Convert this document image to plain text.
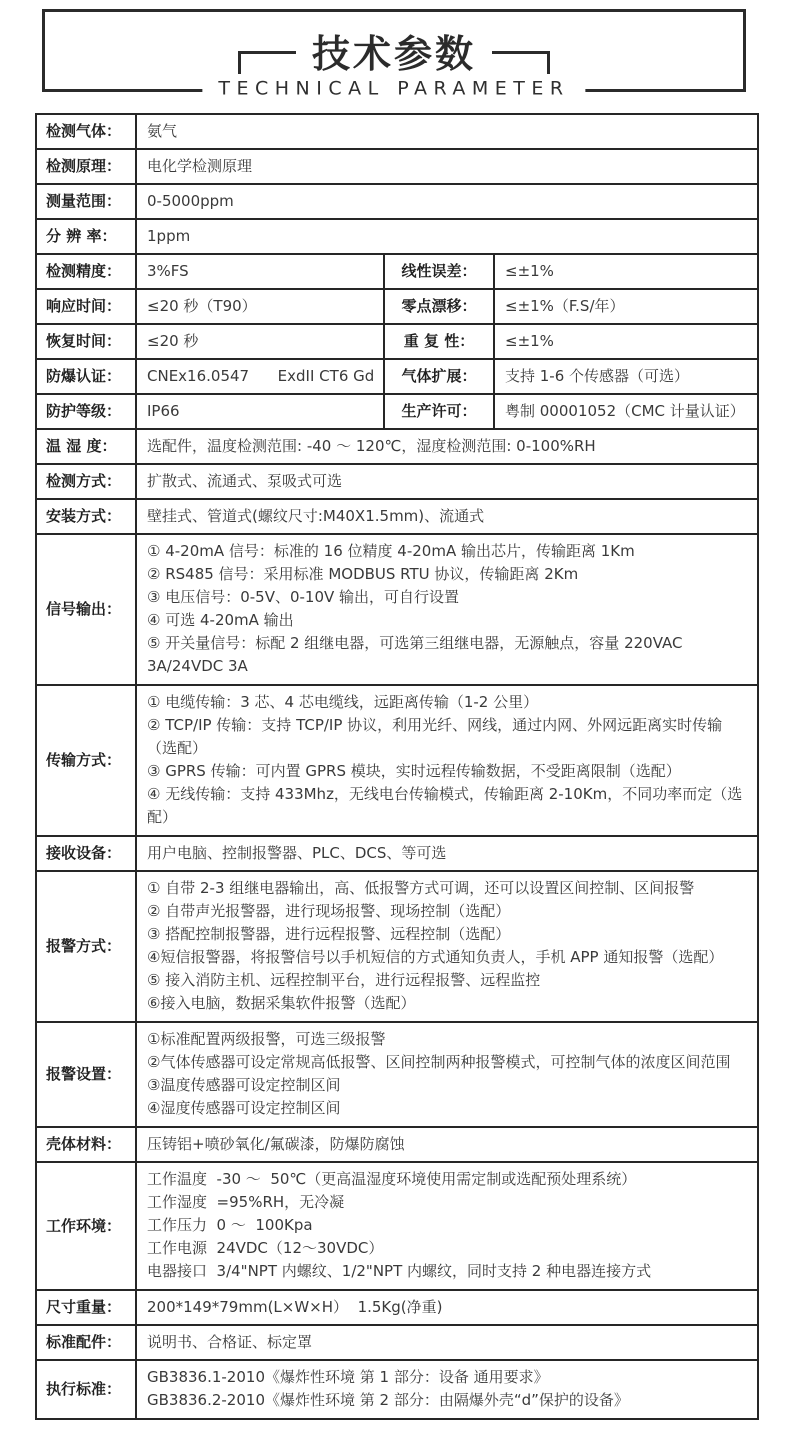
技术参数
TECHNICAL PARAMETER
检测气体：	氨气		
检测原理：	电化学检测原理		
测量范围：	0-5000ppm		
分 辨 率：	1ppm		
检测精度：	3%FS	线性误差：	≤±1%
响应时间：	≤20 秒（T90）	零点漂移：	≤±1%（F.S/年）
恢复时间：	≤20 秒	重 复 性：	≤±1%
防爆认证：	CNEx16.0547      ExdII CT6 Gd	气体扩展：	支持 1-6 个传感器（可选）
防护等级：	IP66	生产许可：	粤制 00001052（CMC 计量认证）
温 湿 度：	选配件，温度检测范围: -40 ～ 120℃，湿度检测范围: 0-100%RH		
检测方式：	扩散式、流通式、泵吸式可选		
安装方式：	壁挂式、管道式(螺纹尺寸:M40X1.5mm)、流通式		
信号输出：	① 4-20mA 信号：标准的 16 位精度 4-20mA 输出芯片，传输距离 1Km
② RS485 信号：采用标准 MODBUS RTU 协议，传输距离 2Km
③ 电压信号：0-5V、0-10V 输出，可自行设置
④ 可选 4-20mA 输出
⑤ 开关量信号：标配 2 组继电器，可选第三组继电器，无源触点，容量 220VAC 3A/24VDC 3A		

传输方式：	① 电缆传输：3 芯、4 芯电缆线，远距离传输（1-2 公里）
② TCP/IP 传输：支持 TCP/IP 协议，利用光纤、网线，通过内网、外网远距离实时传输（选配）
③ GPRS 传输：可内置 GPRS 模块，实时远程传输数据，不受距离限制（选配）
④ 无线传输：支持 433Mhz，无线电台传输模式，传输距离 2-10Km，不同功率而定（选配）		

接收设备：	用户电脑、控制报警器、PLC、DCS、等可选		
报警方式：	
① 自带 2-3 组继电器输出，高、低报警方式可调，还可以设置区间控制、区间报警
② 自带声光报警器，进行现场报警、现场控制（选配）
③ 搭配控制报警器，进行远程报警、远程控制（选配）
④短信报警器，将报警信号以手机短信的方式通知负责人，手机 APP 通知报警（选配）
⑤ 接入消防主机、远程控制平台，进行远程报警、远程监控
⑥接入电脑，数据采集软件报警（选配）

报警设置：	①标准配置两级报警，可选三级报警
②气体传感器可设定常规高低报警、区间控制两种报警模式，可控制气体的浓度区间范围
③温度传感器可设定控制区间
④湿度传感器可设定控制区间		

壳体材料：	压铸铝+喷砂氧化/氟碳漆，防爆防腐蚀		
工作环境：	工作温度  -30 ～  50℃（更高温湿度环境使用需定制或选配预处理系统）
工作湿度  =95%RH，无冷凝
工作压力  0 ～  100Kpa
工作电源  24VDC（12～30VDC）
电器接口  3/4"NPT 内螺纹、1/2"NPT 内螺纹，同时支持 2 种电器连接方式		

尺寸重量：	200*149*79mm(L×W×H）  1.5Kg(净重)		
标准配件：	说明书、合格证、标定罩		
执行标准：	GB3836.1-2010《爆炸性环境 第 1 部分：设备 通用要求》
GB3836.2-2010《爆炸性环境 第 2 部分：由隔爆外壳“d”保护的设备》		
